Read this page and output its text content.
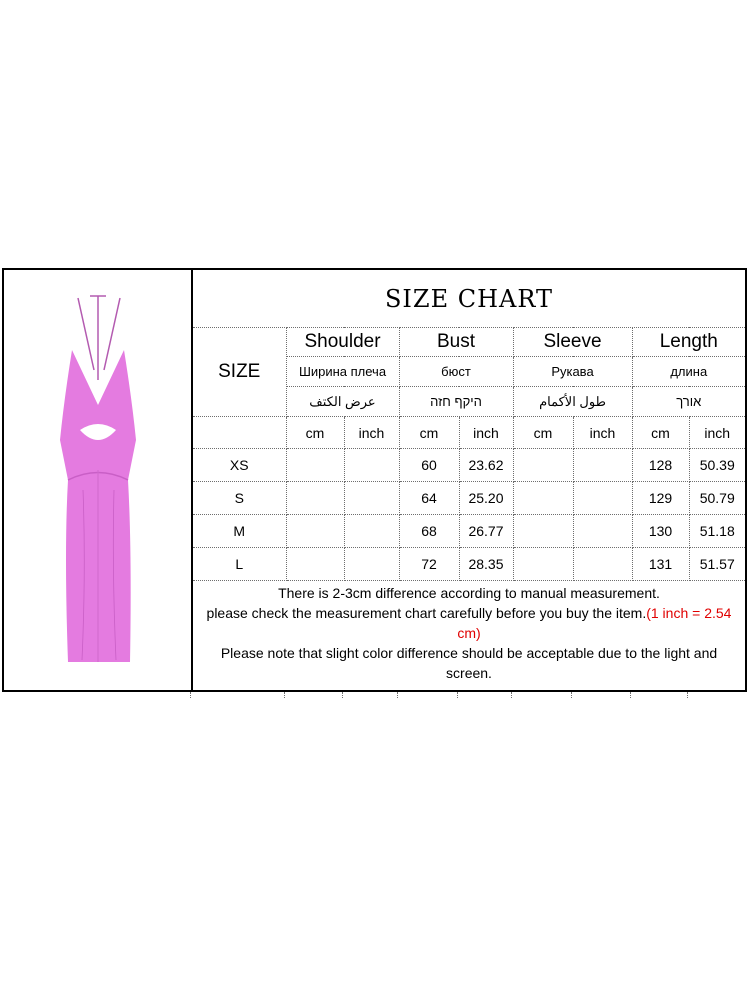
SIZE CHART								
SIZE	Shoulder		Bust		Sleeve		Length	
	Ширина плеча		бюст		Рукава		длина	
	عرض الكتف		היקף חזה		طول الأكمام		אורך	
	cm	inch	cm	inch	cm	inch	cm	inch
XS			60	23.62			128	50.39
S			64	25.20			129	50.79
M			68	26.77			130	51.18
L			72	28.35			131	51.57

There is 2-3cm difference according to manual measurement.
please check the measurement chart carefully before you buy the item.(1 inch = 2.54 cm)
Please note that slight color difference should be acceptable due to the light and screen.								
